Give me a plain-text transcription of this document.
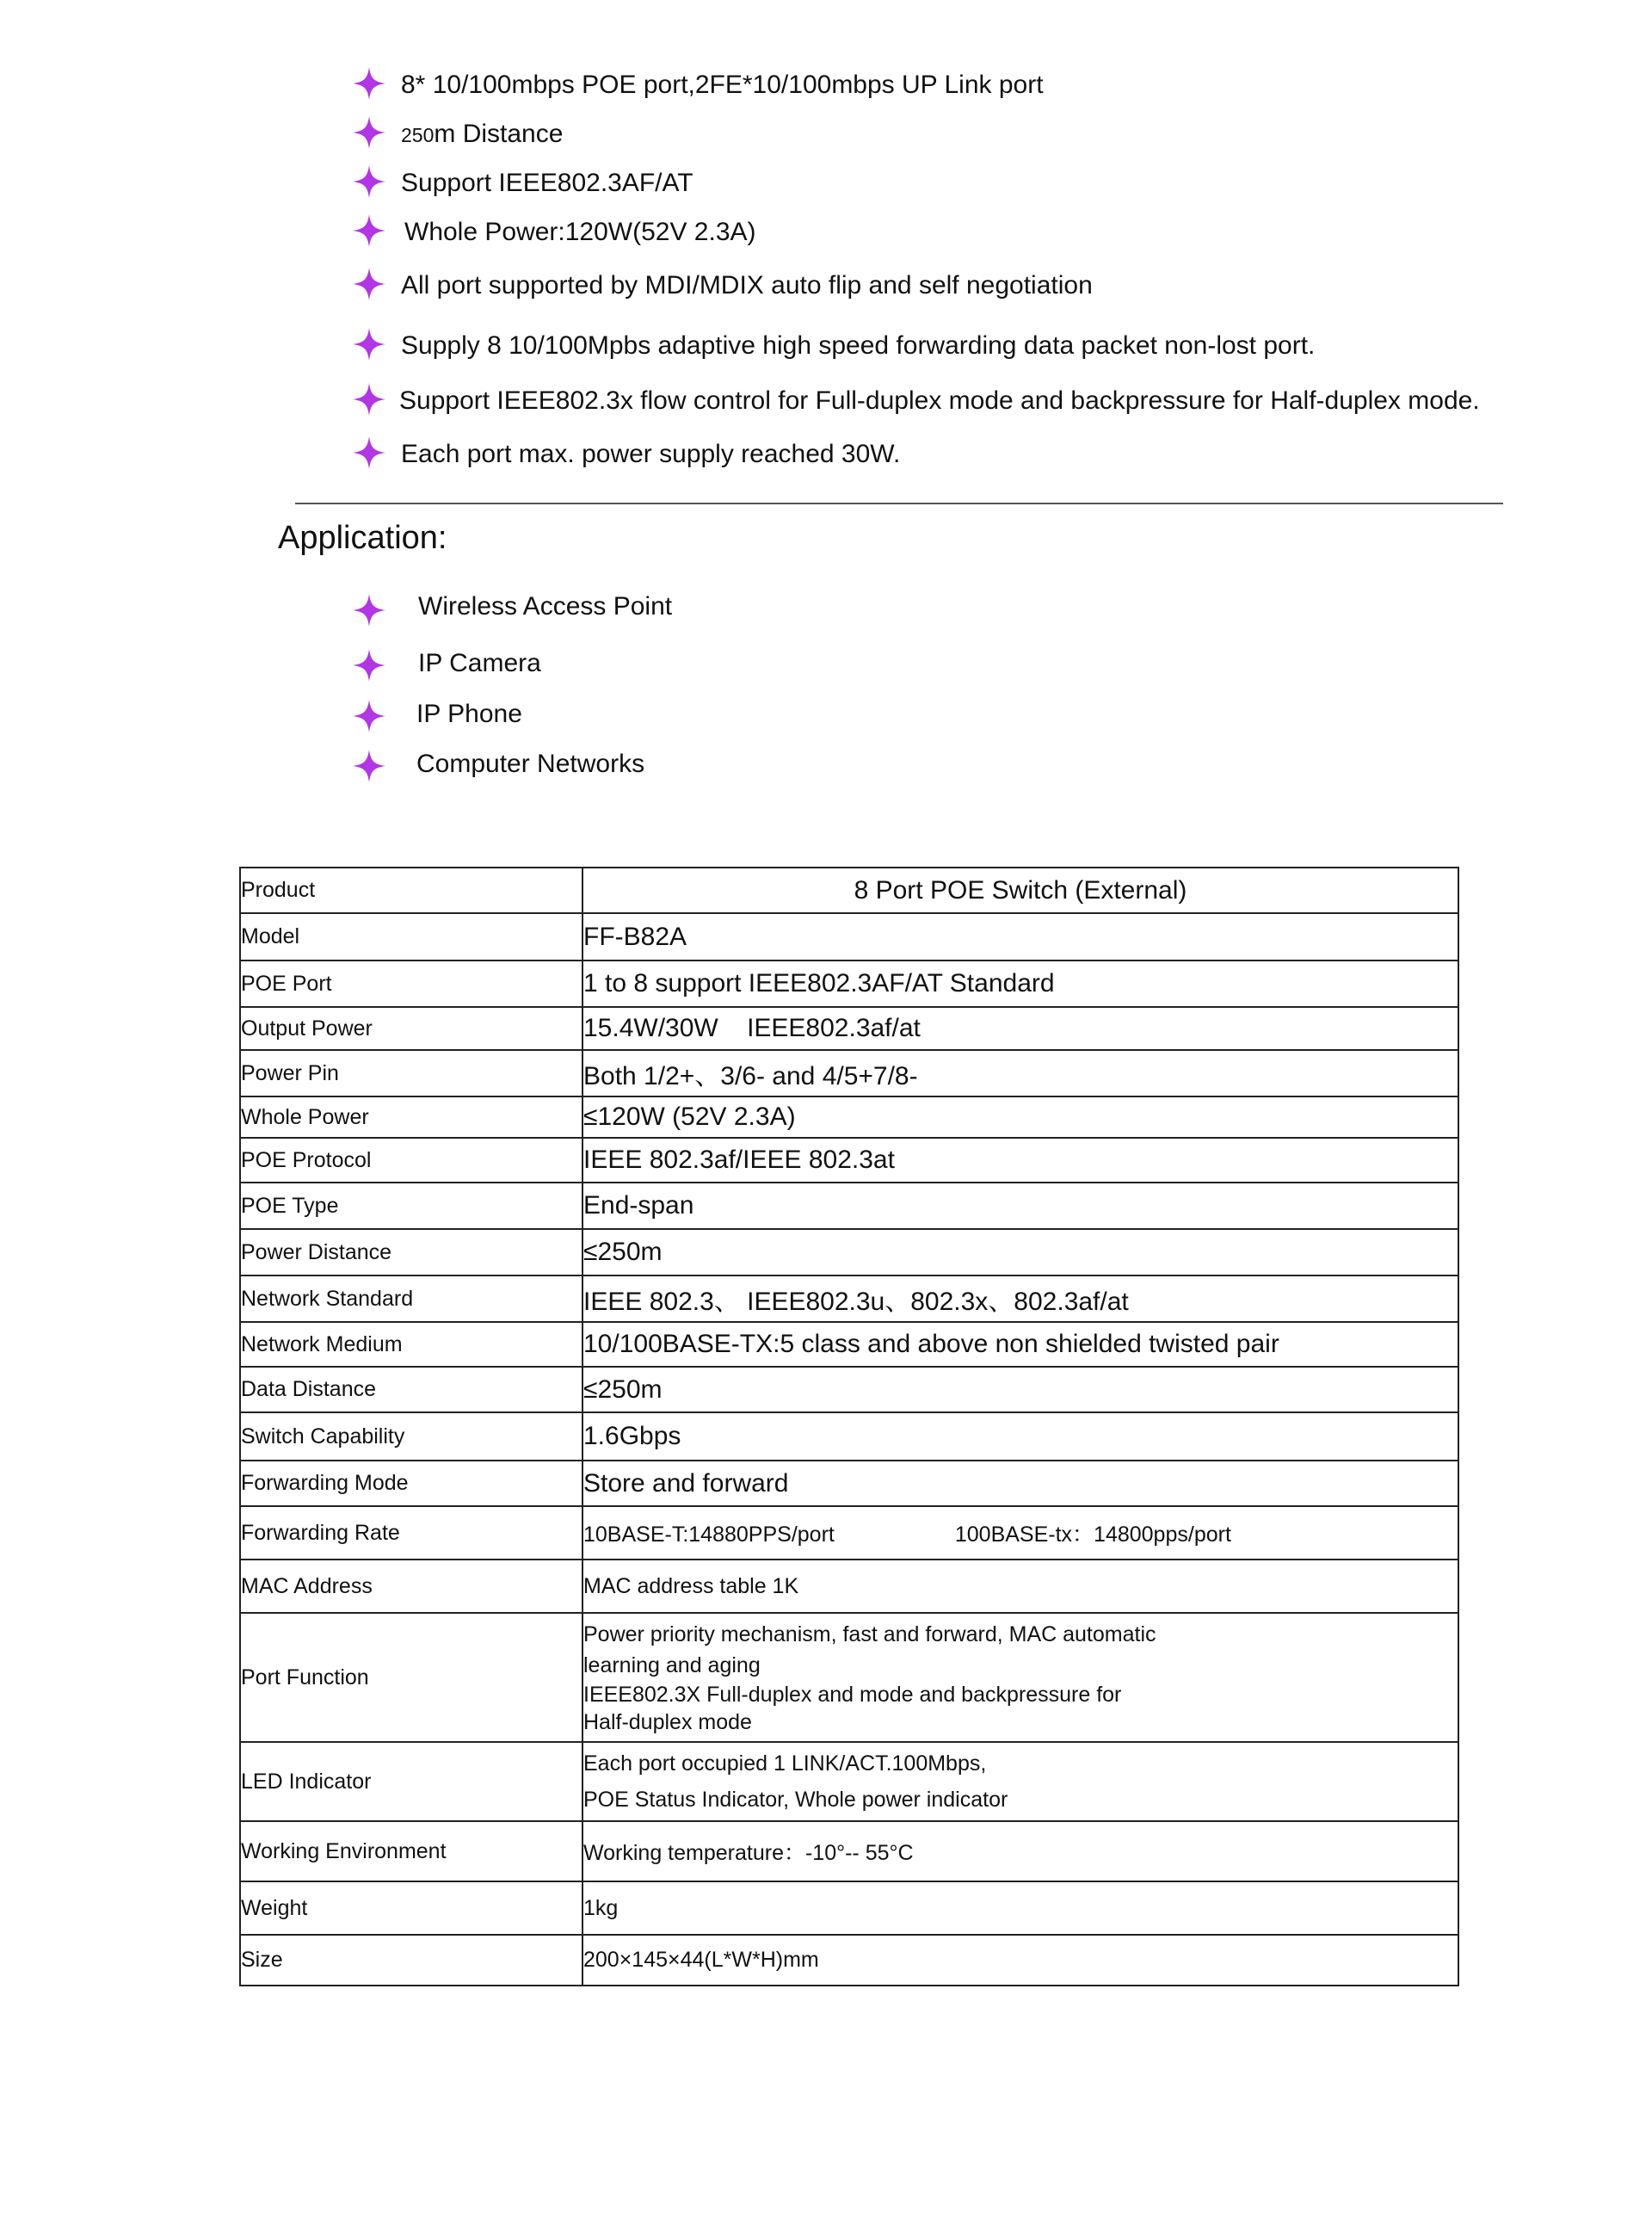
8* 10/100mbps POE port,2FE*10/100mbps UP Link port
250m Distance
Support IEEE802.3AF/AT
Whole Power:120W(52V 2.3A)
All port supported by MDI/MDIX auto flip and self negotiation
Supply 8 10/100Mpbs adaptive high speed forwarding data packet non-lost port.
Support IEEE802.3x flow control for Full-duplex mode and backpressure for Half-duplex mode.
Each port max. power supply reached 30W.
Application:
Wireless Access Point
IP Camera
IP Phone
Computer Networks
Product	8 Port POE Switch (External)
Model	FF-B82A
POE Port	1 to 8 support IEEE802.3AF/AT Standard
Output Power	15.4W/30W    IEEE802.3af/at
Power Pin	Both 1/2+、3/6- and 4/5+7/8-
Whole Power	≤120W (52V 2.3A)
POE Protocol	IEEE 802.3af/IEEE 802.3at
POE Type	End-span
Power Distance	≤250m
Network Standard	IEEE 802.3、 IEEE802.3u、802.3x、802.3af/at
Network Medium	10/100BASE-TX:5 class and above non shielded twisted pair
Data Distance	≤250m
Switch Capability	1.6Gbps
Forwarding Mode	Store and forward
Forwarding Rate	10BASE-T:14880PPS/port 100BASE-tx：14800pps/port
MAC Address	MAC address table 1K
Port Function	Power priority mechanism, fast and forward, MAC automatic
learning and aging
IEEE802.3X Full-duplex and mode and backpressure for
Half-duplex mode

LED Indicator	Each port occupied 1 LINK/ACT.100Mbps,
POE Status Indicator, Whole power indicator

Working Environment	Working temperature：-10°-- 55°C
Weight	1kg
Size	200×145×44(L*W*H)mm
